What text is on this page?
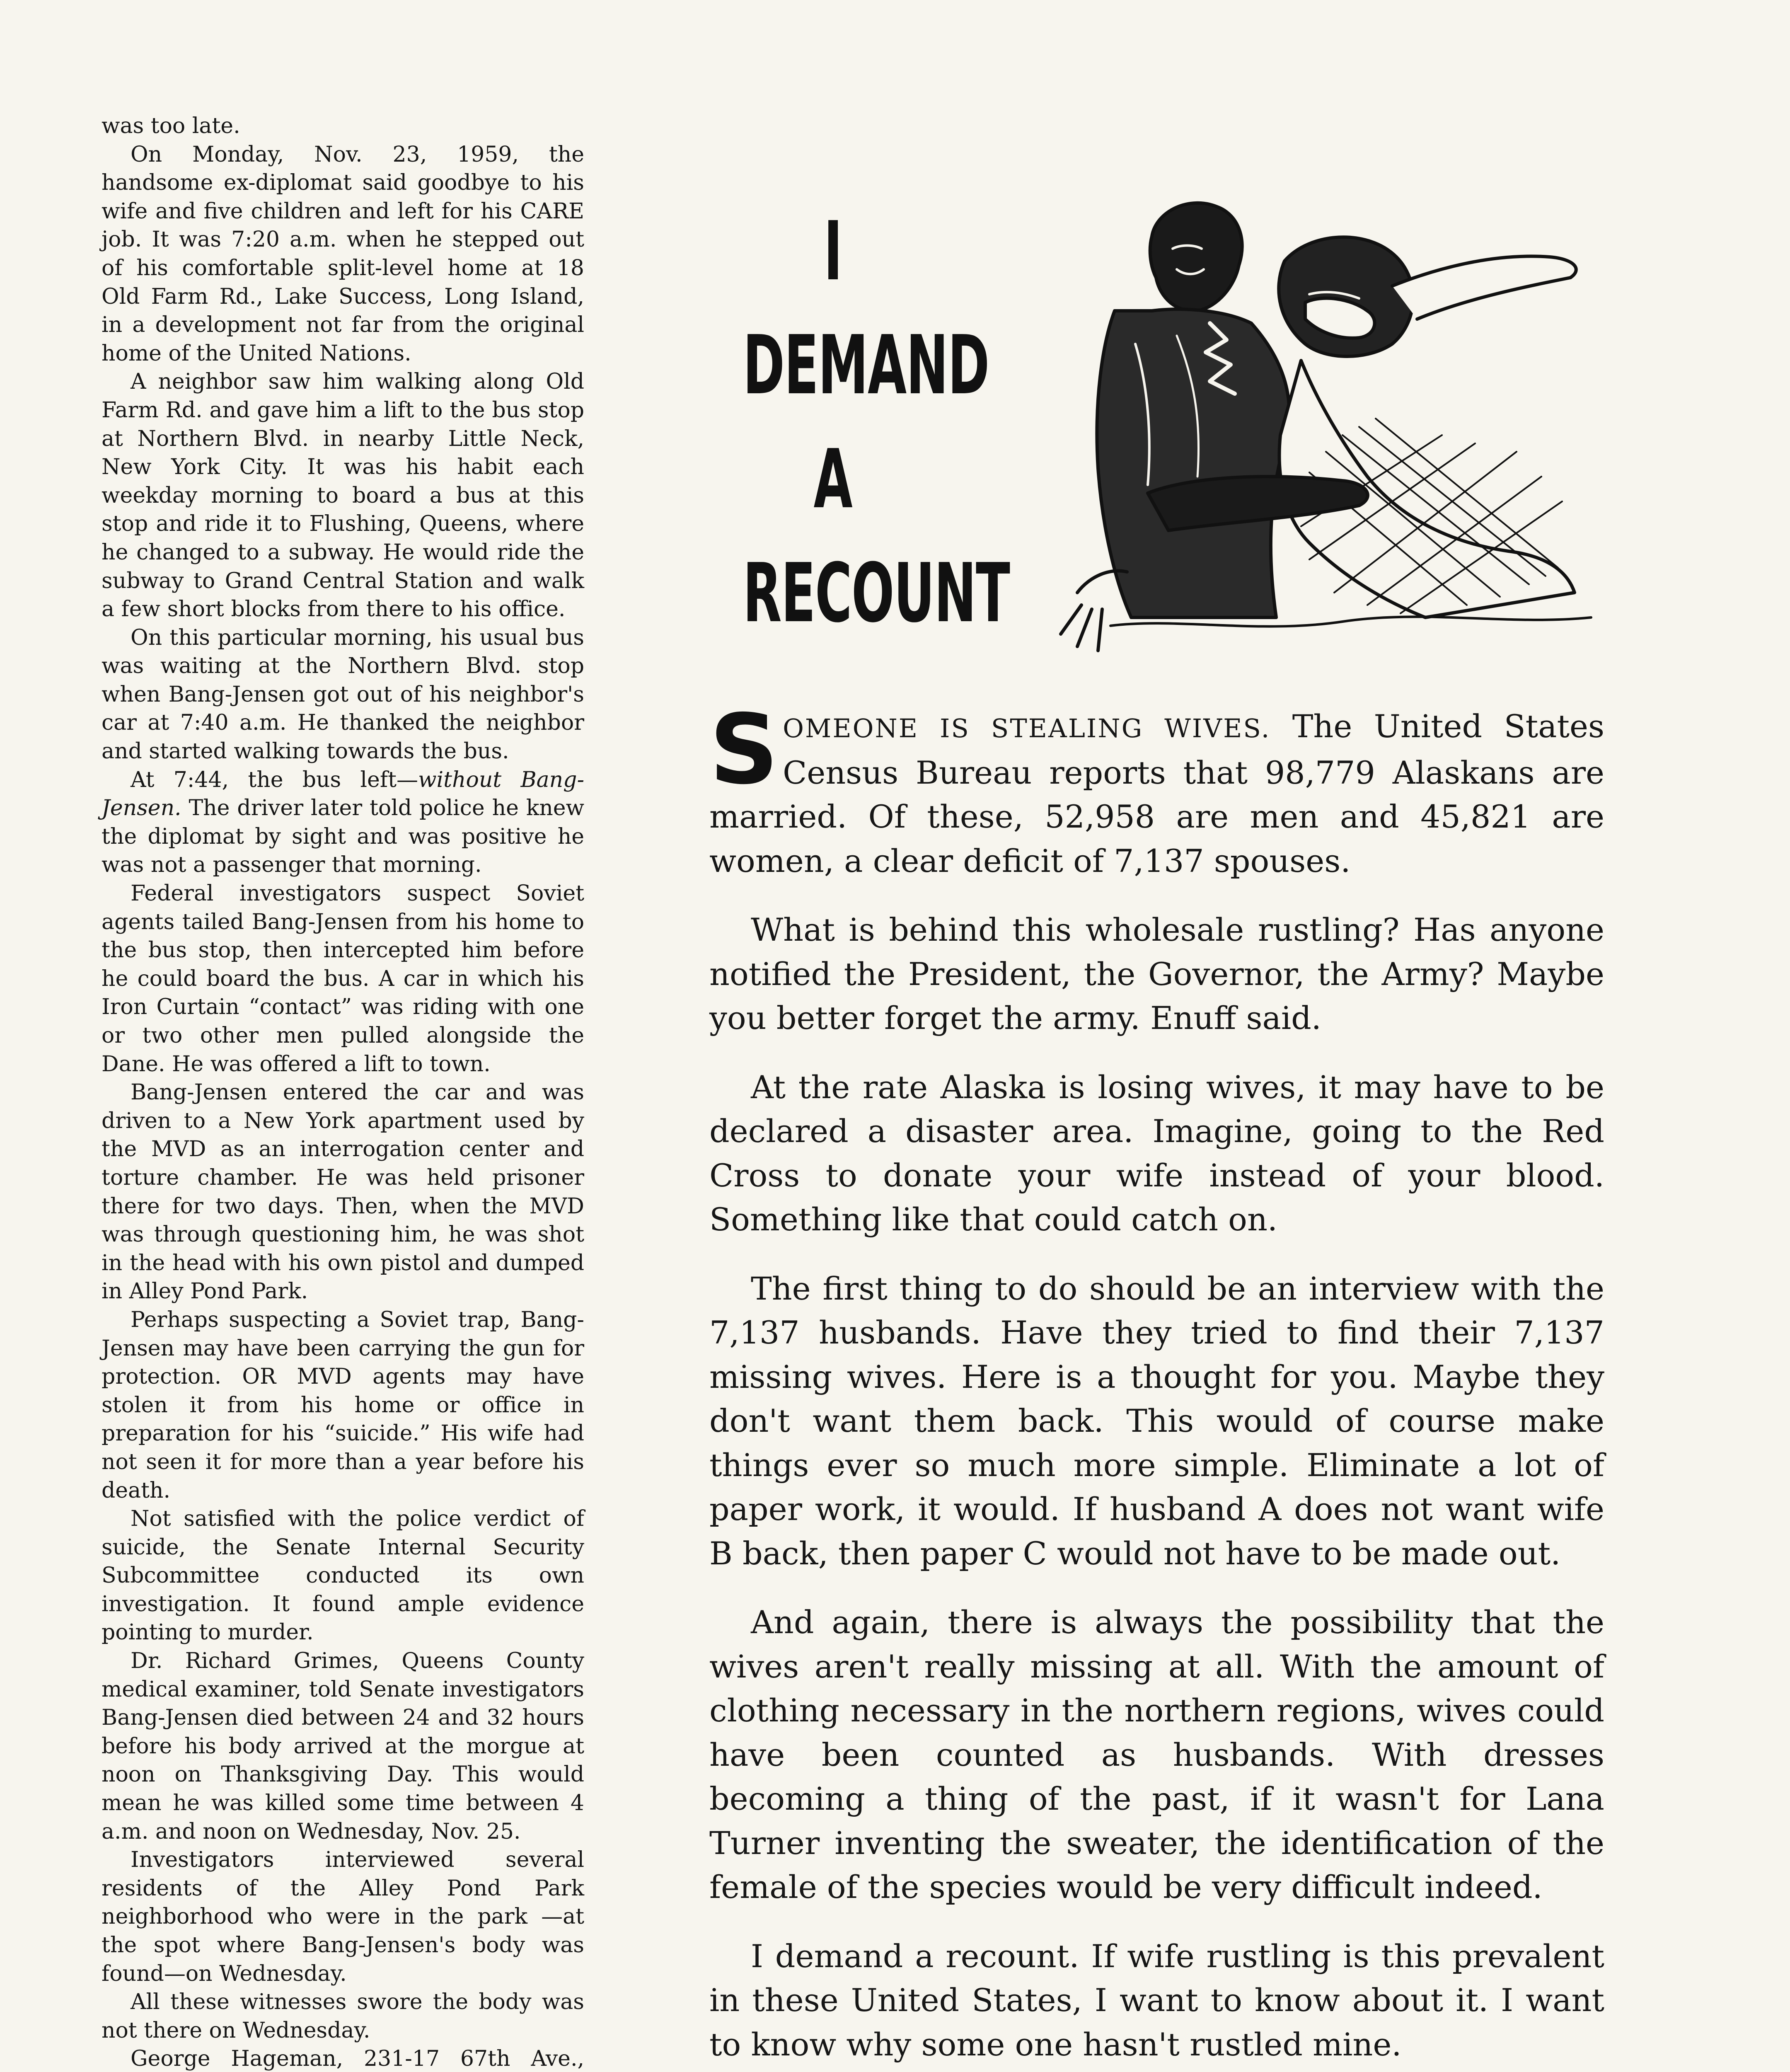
was too late.

On Monday, Nov. 23, 1959, the handsome ex-diplomat said goodbye to his wife and five children and left for his CARE job. It was 7:20 a.m. when he stepped out of his comfortable split-level home at 18 Old Farm Rd., Lake Success, Long Island, in a development not far from the original home of the United Nations.

A neighbor saw him walking along Old Farm Rd. and gave him a lift to the bus stop at Northern Blvd. in nearby Little Neck, New York City. It was his habit each weekday morning to board a bus at this stop and ride it to Flushing, Queens, where he changed to a subway. He would ride the subway to Grand Central Station and walk a few short blocks from there to his office.

On this particular morning, his usual bus was waiting at the Northern Blvd. stop when Bang-Jensen got out of his neighbor's car at 7:40 a.m. He thanked the neighbor and started walking towards the bus.

At 7:44, the bus left—without Bang-Jensen. The driver later told police he knew the diplomat by sight and was positive he was not a passenger that morning.

Federal investigators suspect Soviet agents tailed Bang-Jensen from his home to the bus stop, then intercepted him before he could board the bus. A car in which his Iron Curtain “contact” was riding with one or two other men pulled alongside the Dane. He was offered a lift to town.

Bang-Jensen entered the car and was driven to a New York apartment used by the MVD as an interrogation center and torture chamber. He was held prisoner there for two days. Then, when the MVD was through questioning him, he was shot in the head with his own pistol and dumped in Alley Pond Park.

Perhaps suspecting a Soviet trap, Bang-Jensen may have been carrying the gun for protection. OR MVD agents may have stolen it from his home or office in preparation for his “suicide.” His wife had not seen it for more than a year before his death.

Not satisfied with the police verdict of suicide, the Senate Internal Security Subcommittee conducted its own investigation. It found ample evidence pointing to murder.

Dr. Richard Grimes, Queens County medical examiner, told Senate investigators Bang-Jensen died between 24 and 32 hours before his body arrived at the morgue at noon on Thanksgiving Day. This would mean he was killed some time between 4 a.m. and noon on Wednesday, Nov. 25.

Investigators interviewed several residents of the Alley Pond Park neighborhood who were in the park —at the spot where Bang-Jensen's body was found—on Wednesday.

All these witnesses swore the body was not there on Wednesday.

George Hageman, 231-17 67th Ave.,

I
DEMAND
A
RECOUNT

SOMEONE IS STEALING WIVES. The United States Census Bureau reports that 98,779 Alaskans are married. Of these, 52,958 are men and 45,821 are women, a clear deficit of 7,137 spouses.

What is behind this wholesale rustling? Has anyone notified the President, the Governor, the Army? Maybe you better forget the army. Enuff said.

At the rate Alaska is losing wives, it may have to be declared a disaster area. Imagine, going to the Red Cross to donate your wife instead of your blood. Something like that could catch on.

The first thing to do should be an interview with the 7,137 husbands. Have they tried to find their 7,137 missing wives. Here is a thought for you. Maybe they don't want them back. This would of course make things ever so much more simple. Eliminate a lot of paper work, it would. If husband A does not want wife B back, then paper C would not have to be made out.

And again, there is always the possibility that the wives aren't really missing at all. With the amount of clothing necessary in the northern regions, wives could have been counted as husbands. With dresses becoming a thing of the past, if it wasn't for Lana Turner inventing the sweater, the identification of the female of the species would be very difficult indeed.

I demand a recount. If wife rustling is this prevalent in these United States, I want to know about it. I want to know why some one hasn't rustled mine.
